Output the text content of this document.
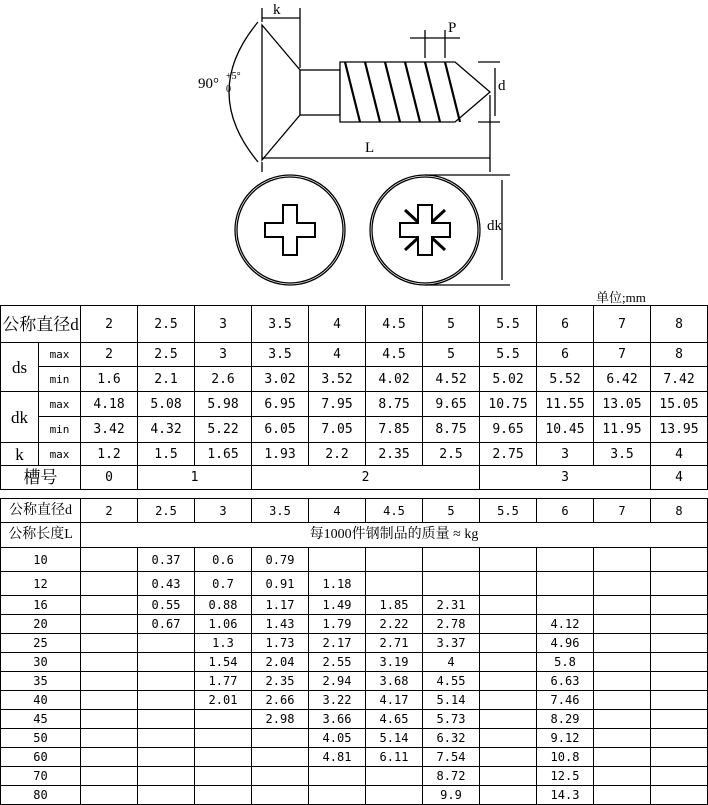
k
P
d
L
dk
90° +5°
0
单位;mm
公称直径d		2	2.5	3	3.5	4	4.5	5	5.5	6	7	8
ds	max	2	2.5	3	3.5	4	4.5	5	5.5	6	7	8
	min	1.6	2.1	2.6	3.02	3.52	4.02	4.52	5.02	5.52	6.42	7.42
dk	max	4.18	5.08	5.98	6.95	7.95	8.75	9.65	10.75	11.55	13.05	15.05
	min	3.42	4.32	5.22	6.05	7.05	7.85	8.75	9.65	10.45	11.95	13.95
k	max	1.2	1.5	1.65	1.93	2.2	2.35	2.5	2.75	3	3.5	4
槽号		0	1		2				3			4
公称直径d	2	2.5	3	3.5	4	4.5	5	5.5	6	7	8
公称长度L	每1000件钢制品的质量 ≈ kg										
10		0.37	0.6	0.79							
12		0.43	0.7	0.91	1.18						
16		0.55	0.88	1.17	1.49	1.85	2.31				
20		0.67	1.06	1.43	1.79	2.22	2.78		4.12		
25			1.3	1.73	2.17	2.71	3.37		4.96		
30			1.54	2.04	2.55	3.19	4		5.8		
35			1.77	2.35	2.94	3.68	4.55		6.63		
40			2.01	2.66	3.22	4.17	5.14		7.46		
45				2.98	3.66	4.65	5.73		8.29		
50					4.05	5.14	6.32		9.12		
60					4.81	6.11	7.54		10.8		
70							8.72		12.5		
80							9.9		14.3		
